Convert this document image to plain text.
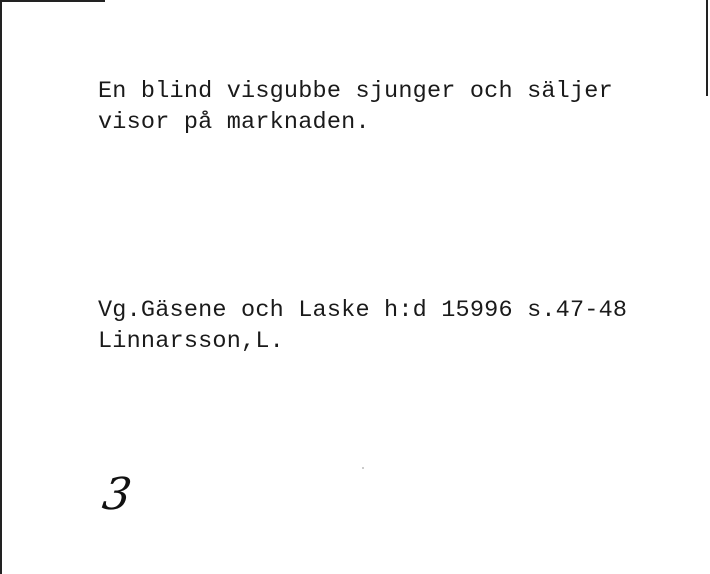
En blind visgubbe sjunger och säljer
visor på marknaden.
Vg.Gäsene och Laske h:d 15996 s.47-48
Linnarsson,L.
3
